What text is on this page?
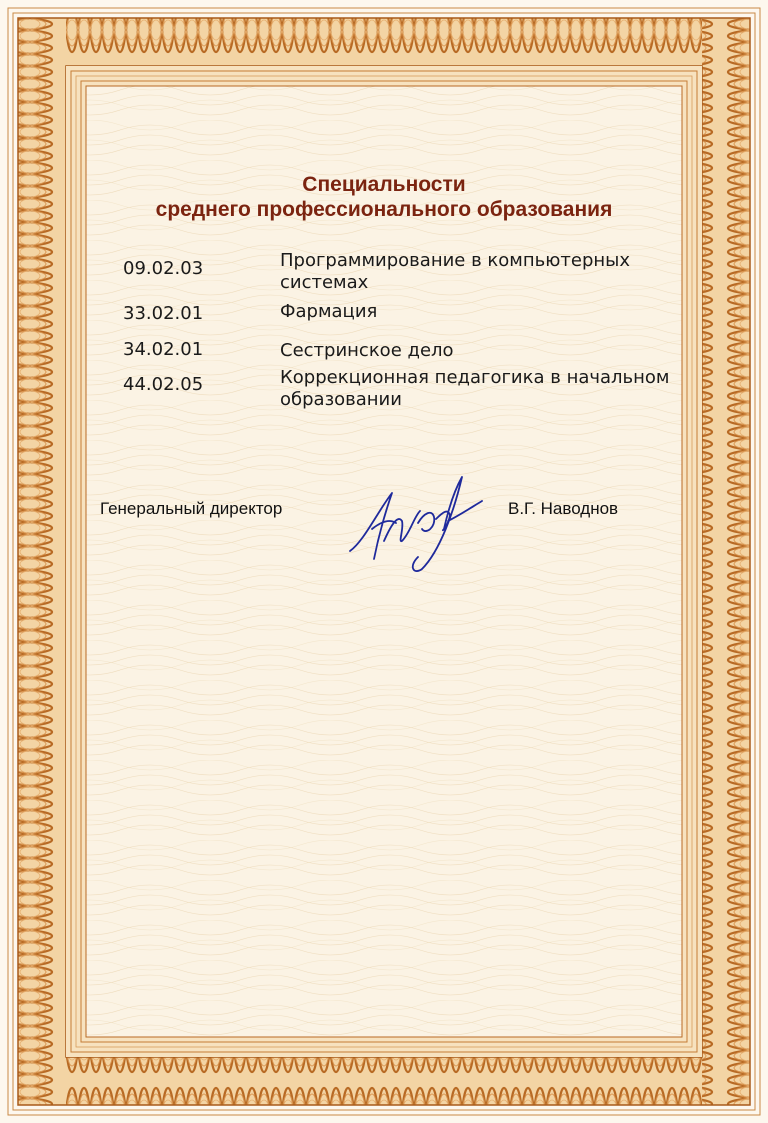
Специальности
среднего профессионального образования
09.02.03	Программирование в компьютерных системах
33.02.01	Фармация
34.02.01	Сестринское дело
44.02.05	Коррекционная педагогика в начальном образовании

Генеральный директор	В.Г. Наводнов
